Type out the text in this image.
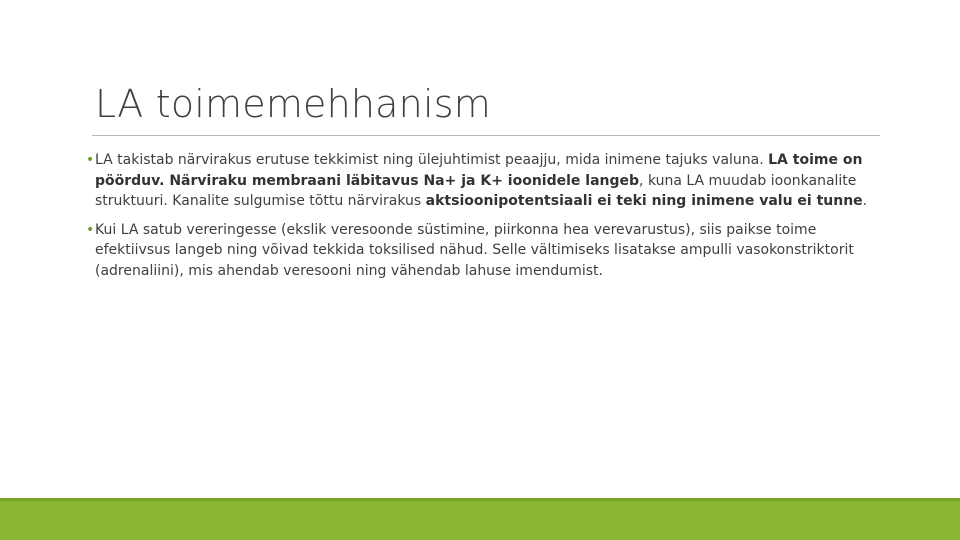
LA toimemehhanism
• LA takistab närvirakus erutuse tekkimist ning ülejuhtimist peaajju, mida inimene tajuks valuna. LA toime on pöörduv. Närviraku membraani läbitavus Na+ ja K+ ioonidele langeb, kuna LA muudab ioonkanalite struktuuri. Kanalite sulgumise tõttu närvirakus aktsioonipotentsiaali ei teki ning inimene valu ei tunne.
• Kui LA satub vereringesse (ekslik veresoonde süstimine, piirkonna hea verevarustus), siis paikse toime efektiivsus langeb ning võivad tekkida toksilised nähud. Selle vältimiseks lisatakse ampulli vasokonstriktorit (adrenaliini), mis ahendab veresooni ning vähendab lahuse imendumist.
